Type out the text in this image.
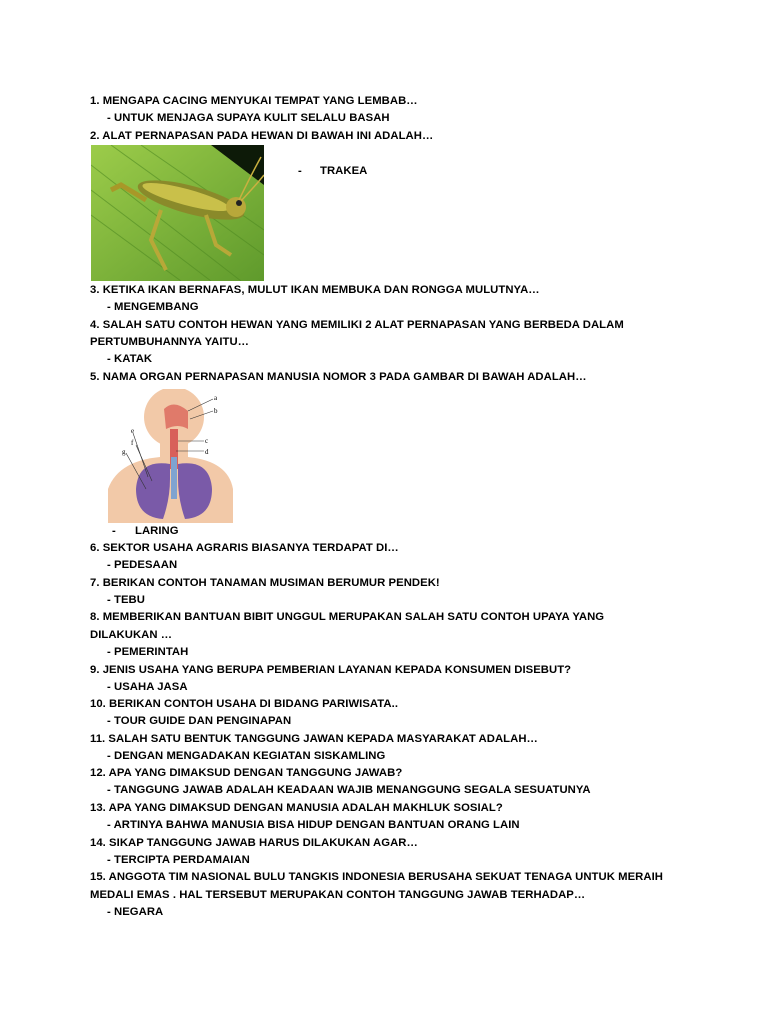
1. MENGAPA CACING MENYUKAI TEMPAT YANG LEMBAB…
- UNTUK MENJAGA SUPAYA KULIT SELALU BASAH
2. ALAT PERNAPASAN PADA HEWAN DI BAWAH INI ADALAH…
- TRAKEA
3. KETIKA IKAN BERNAFAS, MULUT IKAN MEMBUKA DAN RONGGA MULUTNYA…
- MENGEMBANG
4. SALAH SATU CONTOH HEWAN YANG MEMILIKI 2 ALAT PERNAPASAN YANG BERBEDA DALAM
PERTUMBUHANNYA YAITU…
- KATAK
5. NAMA ORGAN PERNAPASAN MANUSIA NOMOR 3 PADA GAMBAR DI BAWAH ADALAH…
a
b
c
d
e
f
g
- LARING
6. SEKTOR USAHA AGRARIS BIASANYA TERDAPAT DI…
- PEDESAAN
7. BERIKAN CONTOH TANAMAN MUSIMAN BERUMUR PENDEK!
- TEBU
8. MEMBERIKAN BANTUAN BIBIT UNGGUL MERUPAKAN SALAH SATU CONTOH UPAYA YANG
DILAKUKAN …
- PEMERINTAH
9. JENIS USAHA YANG BERUPA PEMBERIAN LAYANAN KEPADA KONSUMEN DISEBUT?
- USAHA JASA
10. BERIKAN CONTOH USAHA DI BIDANG PARIWISATA..
- TOUR GUIDE DAN PENGINAPAN
11. SALAH SATU BENTUK TANGGUNG JAWAN KEPADA MASYARAKAT ADALAH…
- DENGAN MENGADAKAN KEGIATAN SISKAMLING
12. APA YANG DIMAKSUD DENGAN TANGGUNG JAWAB?
- TANGGUNG JAWAB ADALAH KEADAAN WAJIB MENANGGUNG SEGALA SESUATUNYA
13. APA YANG DIMAKSUD DENGAN MANUSIA ADALAH MAKHLUK SOSIAL?
- ARTINYA BAHWA MANUSIA BISA HIDUP DENGAN BANTUAN ORANG LAIN
14. SIKAP TANGGUNG JAWAB HARUS DILAKUKAN AGAR…
- TERCIPTA PERDAMAIAN
15. ANGGOTA TIM NASIONAL BULU TANGKIS INDONESIA BERUSAHA SEKUAT TENAGA UNTUK MERAIH
MEDALI EMAS . HAL TERSEBUT MERUPAKAN CONTOH TANGGUNG JAWAB TERHADAP…
- NEGARA
